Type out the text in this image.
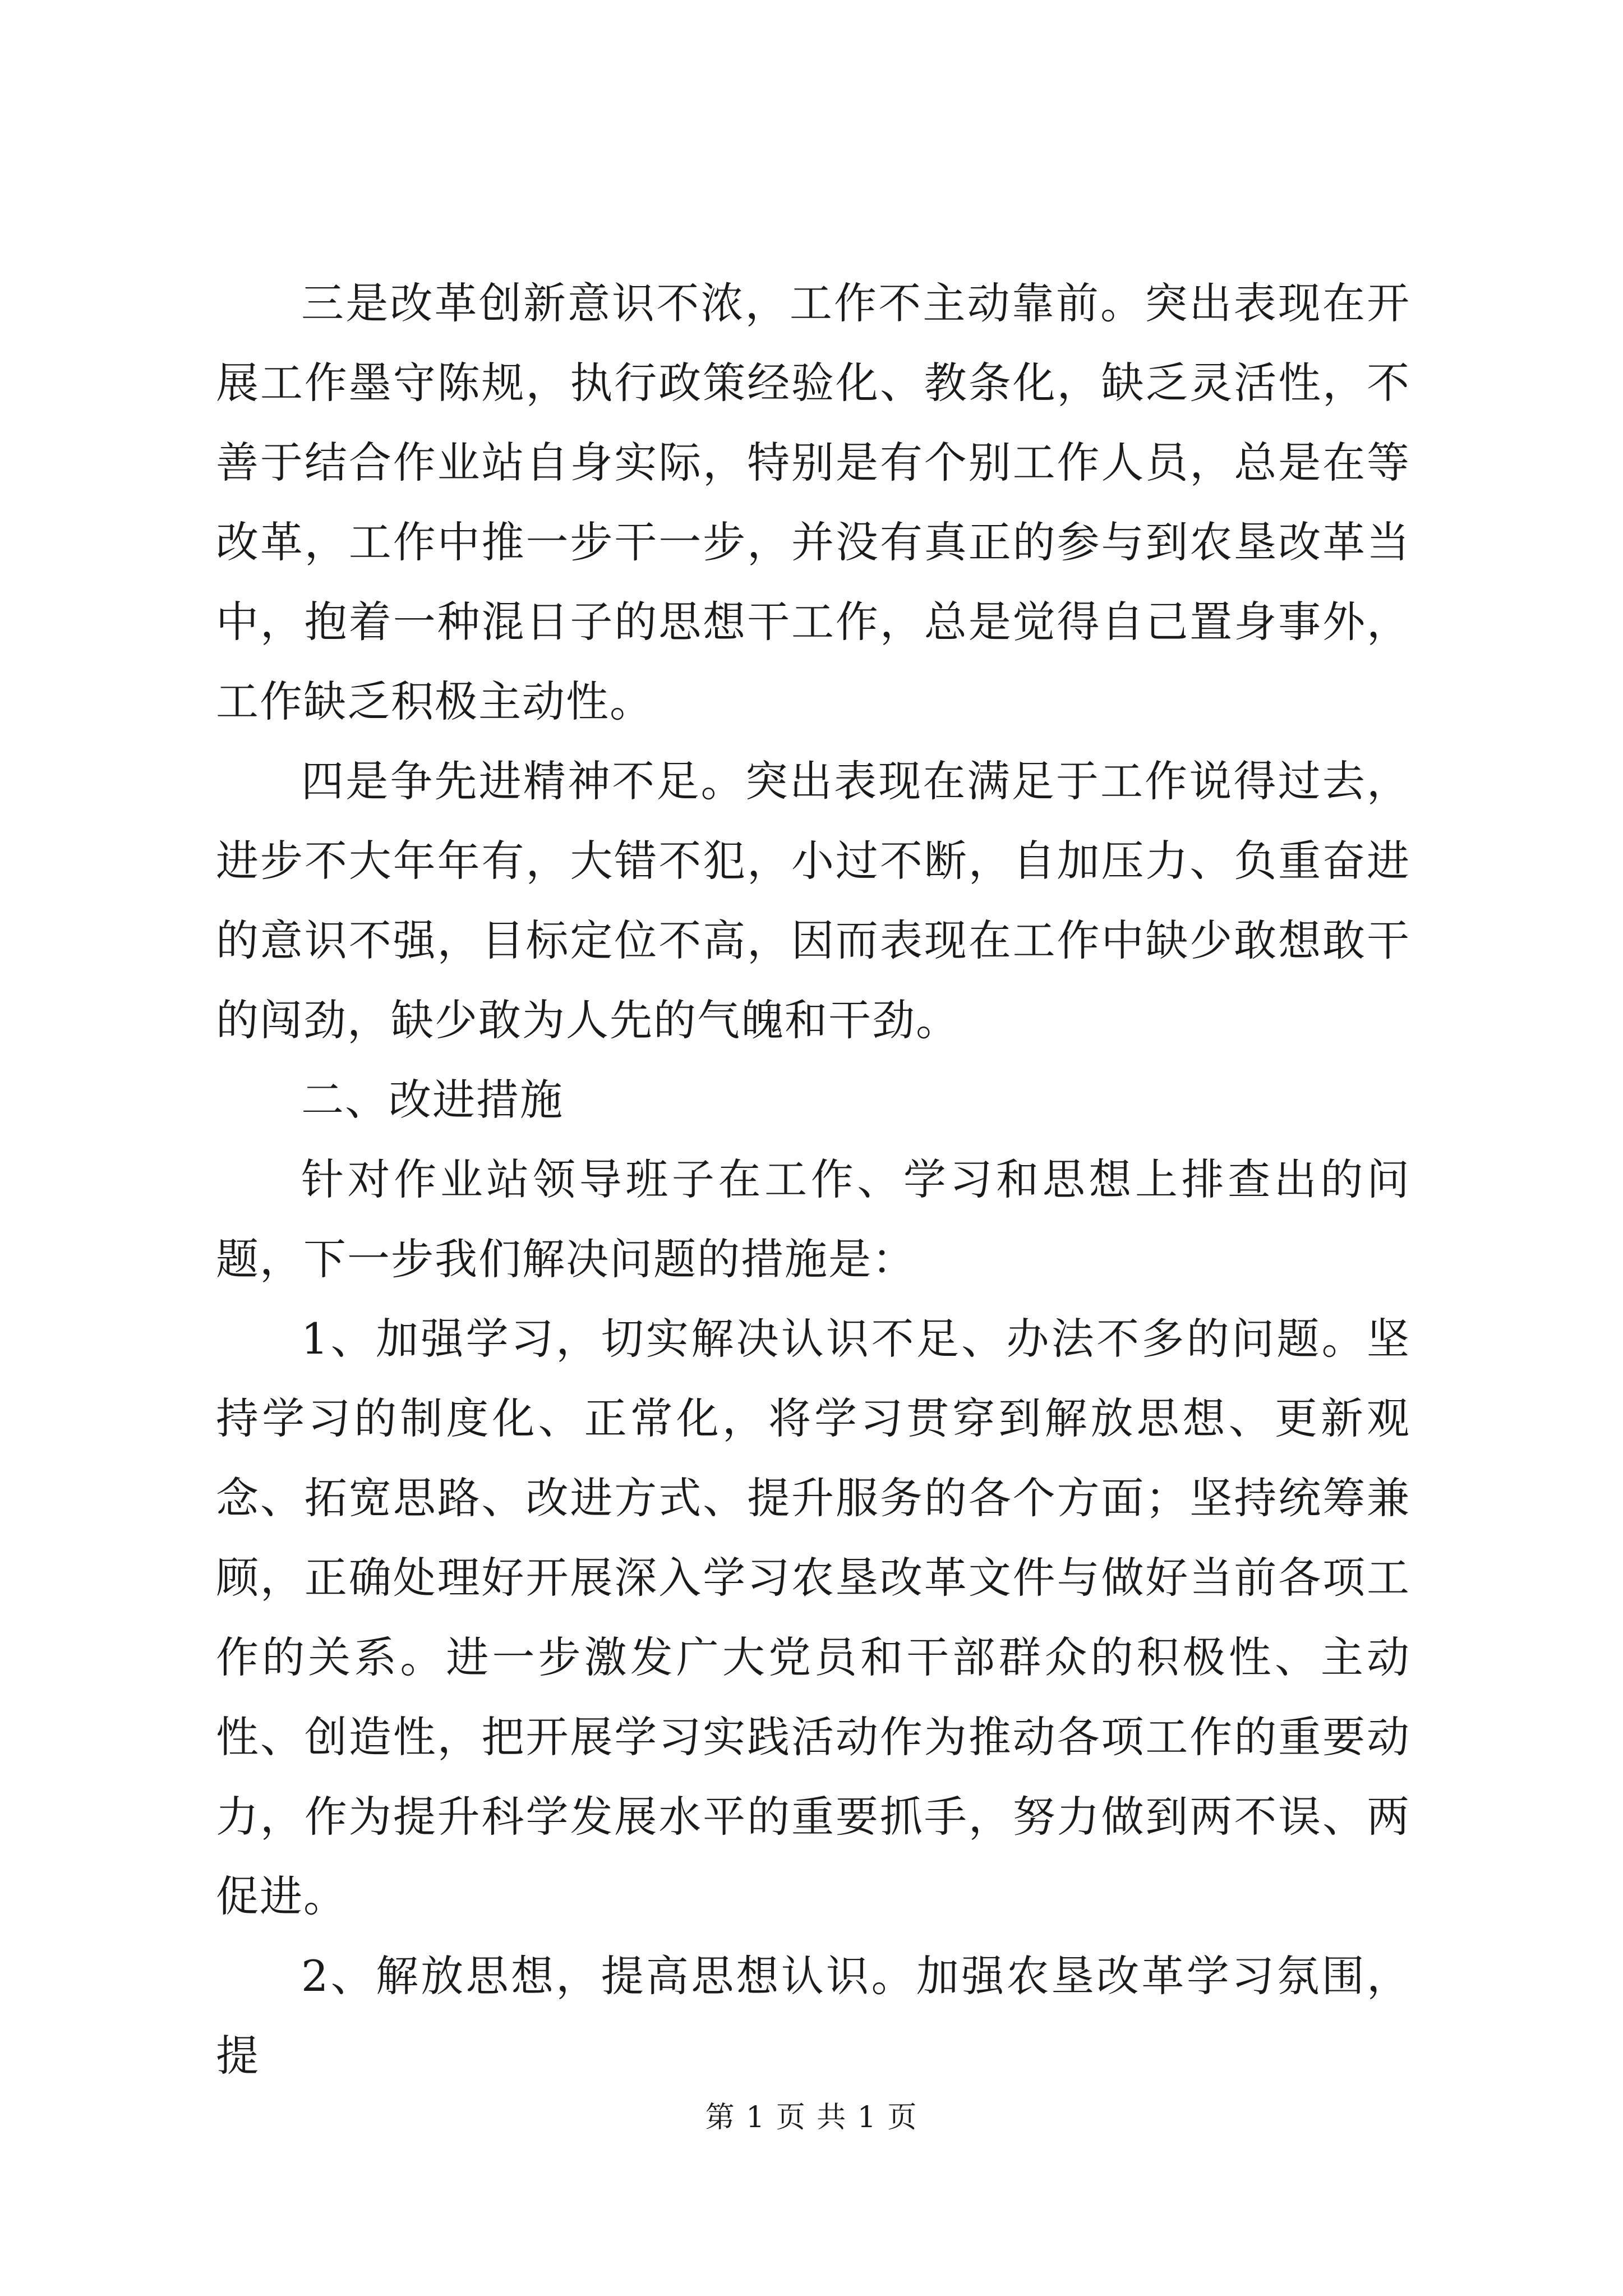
三是改革创新意识不浓，工作不主动靠前。突出表现在开展工作墨守陈规，执行政策经验化、教条化，缺乏灵活性，不善于结合作业站自身实际，特别是有个别工作人员，总是在等改革，工作中推一步干一步，并没有真正的参与到农垦改革当中，抱着一种混日子的思想干工作，总是觉得自己置身事外，工作缺乏积极主动性。

四是争先进精神不足。突出表现在满足于工作说得过去，进步不大年年有，大错不犯，小过不断，自加压力、负重奋进的意识不强，目标定位不高，因而表现在工作中缺少敢想敢干的闯劲，缺少敢为人先的气魄和干劲。

二、改进措施

针对作业站领导班子在工作、学习和思想上排查出的问题，下一步我们解决问题的措施是：

1、加强学习，切实解决认识不足、办法不多的问题。坚持学习的制度化、正常化，将学习贯穿到解放思想、更新观念、拓宽思路、改进方式、提升服务的各个方面；坚持统筹兼顾，正确处理好开展深入学习农垦改革文件与做好当前各项工作的关系。进一步激发广大党员和干部群众的积极性、主动性、创造性，把开展学习实践活动作为推动各项工作的重要动力，作为提升科学发展水平的重要抓手，努力做到两不误、两促进。

2、解放思想，提高思想认识。加强农垦改革学习氛围，提

第 1 页 共 1 页
